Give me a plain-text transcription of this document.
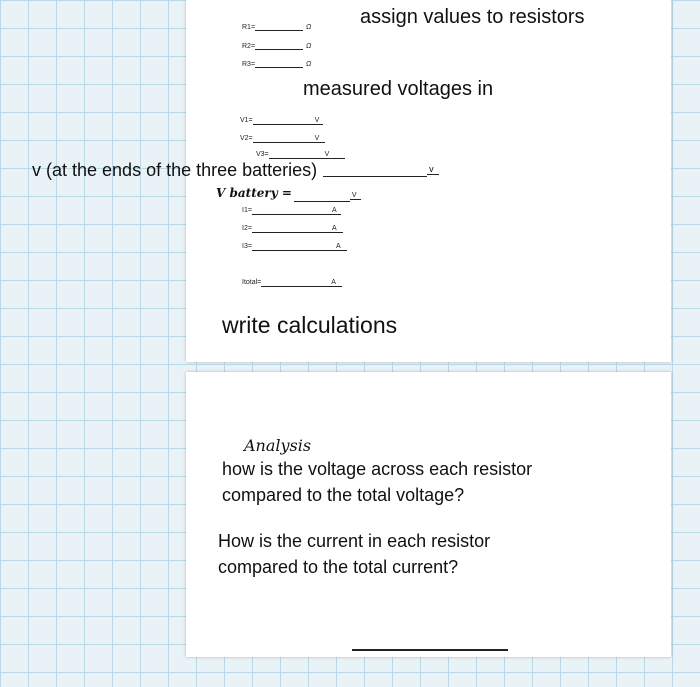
R1=	Ω
R2=	Ω
R3=	Ω
assign values to resistors
measured voltages in
V1=	V
V2=	V
V3=	V
v (at the ends of the three batteries)	$^v$
V battery =	V
I1=	A
I2=	A
I3=	A
Itotal=	A
write calculations
Analysis
how is the voltage across each resistor
compared to the total voltage?
How is the current in each resistor
compared to the total current?
